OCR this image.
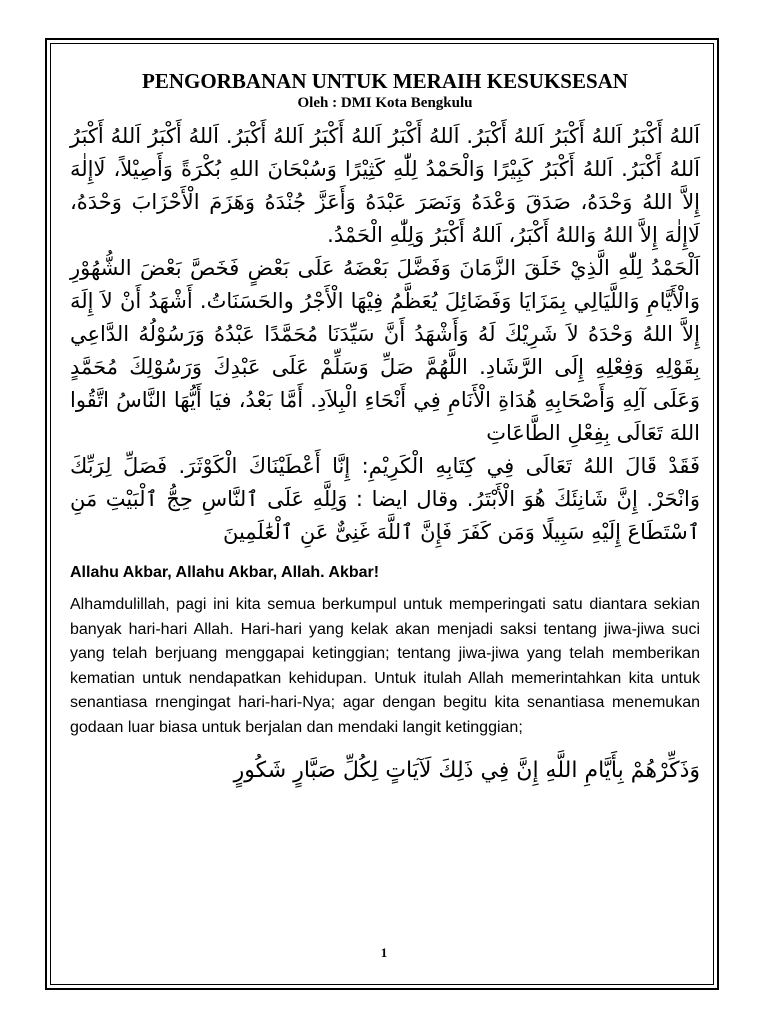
PENGORBANAN UNTUK MERAIH KESUKSESAN
Oleh : DMI Kota Bengkulu

اَللهُ أَكْبَرُ اَللهُ أَكْبَرُ اَللهُ أَكْبَرُ. اَللهُ أَكْبَرُ اَللهُ أَكْبَرُ اَللهُ أَكْبَرُ. اَللهُ أَكْبَرُ اَللهُ أَكْبَرُ اَللهُ أَكْبَرُ. اَللهُ أَكْبَرُ كَبِيْرًا وَالْحَمْدُ لِلّٰهِ كَثِيْرًا وَسُبْحَانَ اللهِ بُكْرَةً وَأَصِيْلاً، لَاإِلٰهَ إِلاَّ اللهُ وَحْدَهُ، صَدَقَ وَعْدَهُ وَنَصَرَ عَبْدَهُ وَأَعَزَّ جُنْدَهُ وَهَزَمَ الْأَحْزَابَ وَحْدَهُ، لَاإِلٰهَ إِلاَّ اللهُ وَاللهُ أَكْبَرُ، اَللهُ أَكْبَرُ وَلِلّٰهِ الْحَمْدُ.

اَلْحَمْدُ لِلّٰهِ الَّذِيْ خَلَقَ الزَّمَانَ وَفَضَّلَ بَعْضَهُ عَلَى بَعْضٍ فَخَصَّ بَعْضَ الشُّهُوْرِ وَالْأَيَّامِ وَاللَّيَالِي بِمَزَايَا وَفَضَائِلَ يُعَظَّمُ فِيْهَا الْأَجْرُ والحَسَنَاتُ. أَشْهَدُ أَنْ لاَ إِلَهَ إِلاَّ اللهُ وَحْدَهُ لاَ شَرِيْكَ لَهُ وَأَشْهَدُ أَنَّ سَيِّدَنَا مُحَمَّدًا عَبْدُهُ وَرَسُوْلُهُ الدَّاعِي بِقَوْلِهِ وَفِعْلِهِ إِلَى الرَّشَادِ. اللَّهُمَّ صَلِّ وَسَلِّمْ عَلَى عَبْدِكَ وَرَسُوْلِكَ مُحَمَّدٍ وَعَلَى آلِهِ وَأَصْحَابِهِ هُدَاةِ الْأَنَامِ فِي أَنْحَاءِ الْبِلاَدِ. أَمَّا بَعْدُ، فيَا أَيُّهَا النَّاسُ اتَّقُوا اللهَ تَعَالَى بِفِعْلِ الطَّاعَاتِ

فَقَدْ قَالَ اللهُ تَعَالَى فِي كِتَابِهِ الْكَرِيْمِ: إِنَّا أَعْطَيْنَاكَ الْكَوْثَرَ. فَصَلِّ لِرَبِّكَ وَانْحَرْ. إِنَّ شَانِئَكَ هُوَ الْأَبْتَرُ. وقال ايضا : وَلِلَّهِ عَلَى ٱلنَّاسِ حِجُّ ٱلْبَيْتِ مَنِ ٱسْتَطَاعَ إِلَيْهِ سَبِيلًا وَمَن كَفَرَ فَإِنَّ ٱللَّهَ غَنِىٌّ عَنِ ٱلْعَٰلَمِينَ

Allahu Akbar, Allahu Akbar, Allah. Akbar!

Alhamdulillah, pagi ini kita semua berkumpul untuk memperingati satu diantara sekian banyak hari-hari Allah. Hari-hari yang kelak akan menjadi saksi tentang jiwa-jiwa suci yang telah berjuang menggapai ketinggian; tentang jiwa-jiwa yang telah memberikan kematian untuk nendapatkan kehidupan. Untuk itulah Allah memerintahkan kita untuk senantiasa rnengingat hari-hari-Nya; agar dengan begitu kita senantiasa menemukan godaan luar biasa untuk berjalan dan mendaki langit ketinggian;

وَذَكِّرْهُمْ بِأَيَّامِ اللَّهِ إِنَّ فِي ذَلِكَ لَآيَاتٍ لِكُلِّ صَبَّارٍ شَكُورٍ

1
